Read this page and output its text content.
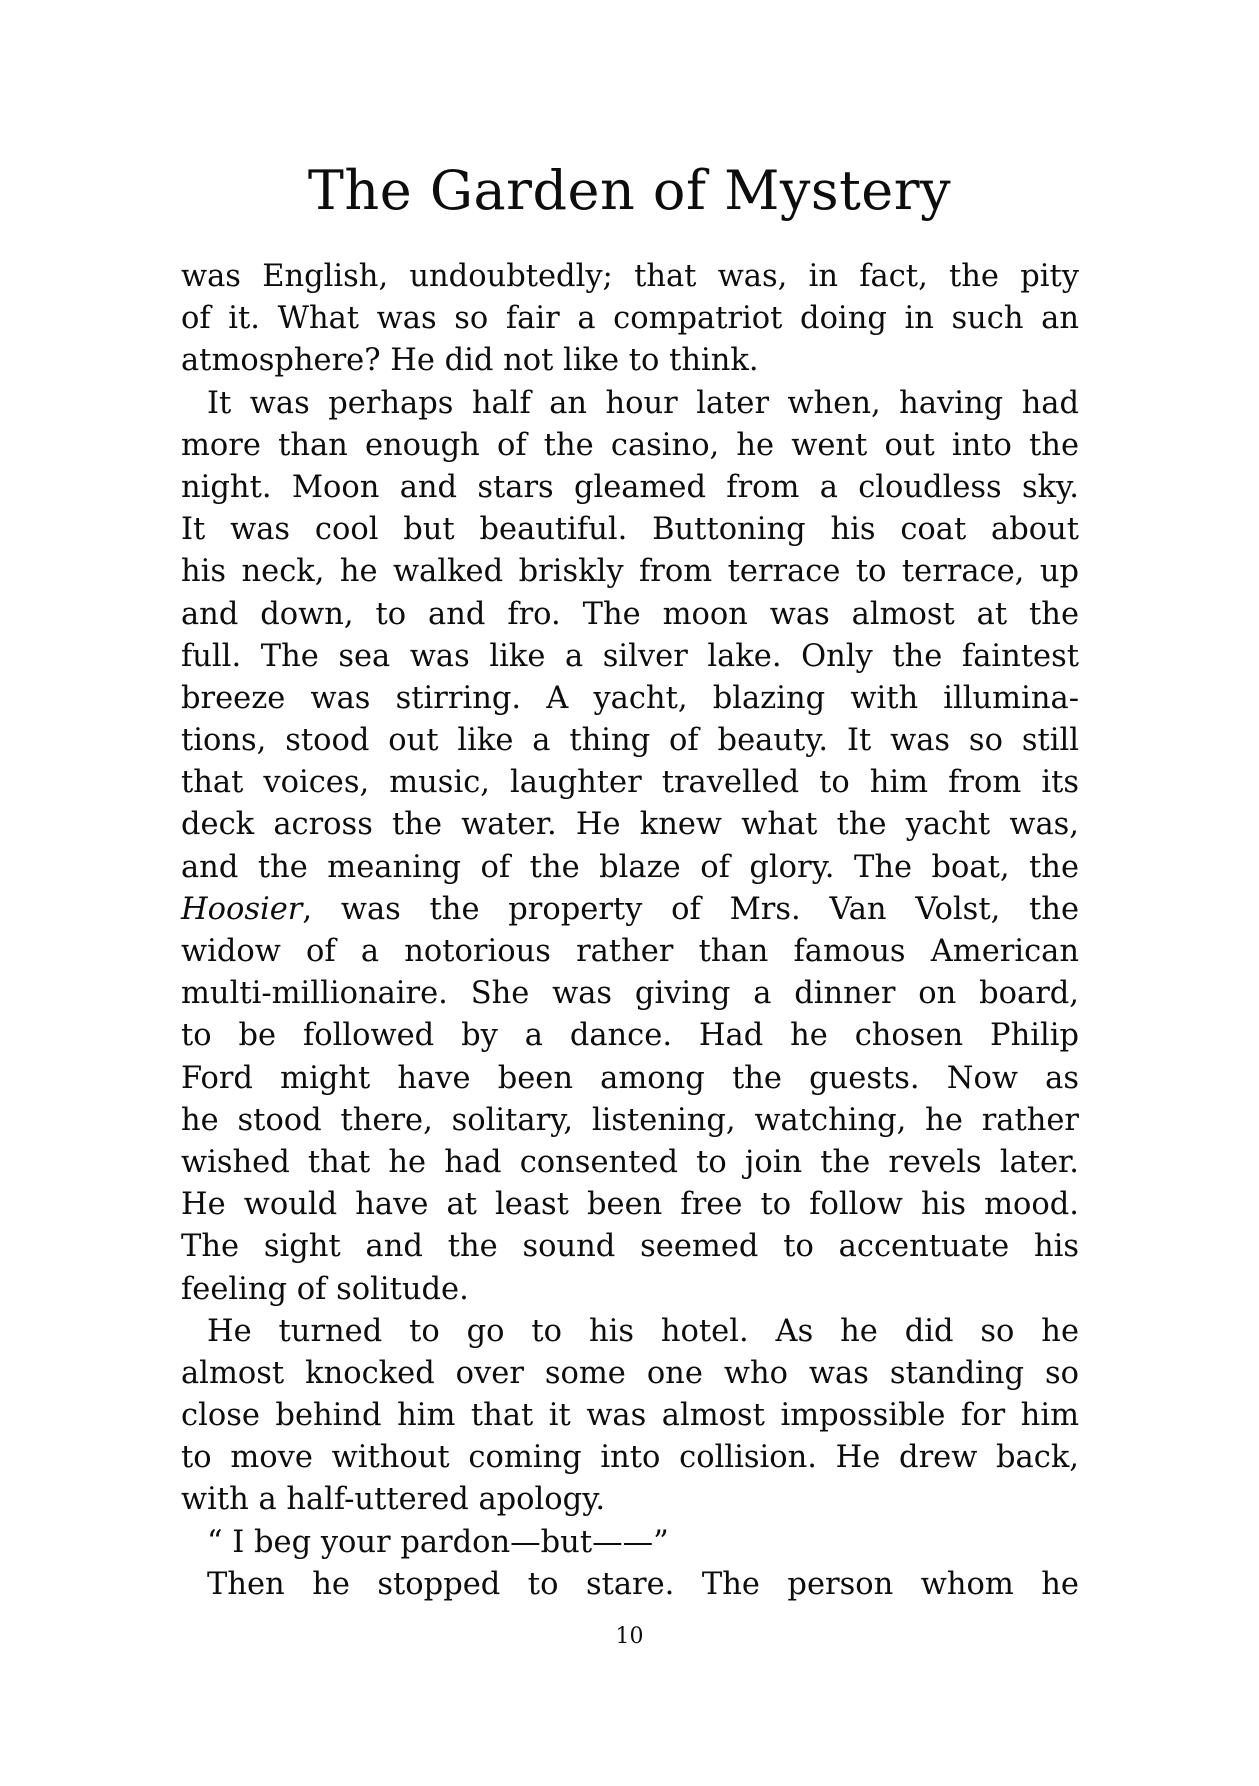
The Garden of Mystery
was English, undoubtedly; that was, in fact, the pity
of it. What was so fair a compatriot doing in such an
atmosphere? He did not like to think.
It was perhaps half an hour later when, having had
more than enough of the casino, he went out into the
night. Moon and stars gleamed from a cloudless sky.
It was cool but beautiful. Buttoning his coat about
his neck, he walked briskly from terrace to terrace, up
and down, to and fro. The moon was almost at the
full. The sea was like a silver lake. Only the faintest
breeze was stirring. A yacht, blazing with illumina-
tions, stood out like a thing of beauty. It was so still
that voices, music, laughter travelled to him from its
deck across the water. He knew what the yacht was,
and the meaning of the blaze of glory. The boat, the
Hoosier, was the property of Mrs. Van Volst, the
widow of a notorious rather than famous American
multi-millionaire. She was giving a dinner on board,
to be followed by a dance. Had he chosen Philip
Ford might have been among the guests. Now as
he stood there, solitary, listening, watching, he rather
wished that he had consented to join the revels later.
He would have at least been free to follow his mood.
The sight and the sound seemed to accentuate his
feeling of solitude.
He turned to go to his hotel. As he did so he
almost knocked over some one who was standing so
close behind him that it was almost impossible for him
to move without coming into collision. He drew back,
with a half-uttered apology.
“ I beg your pardon—but——”
Then he stopped to stare. The person whom he
10
